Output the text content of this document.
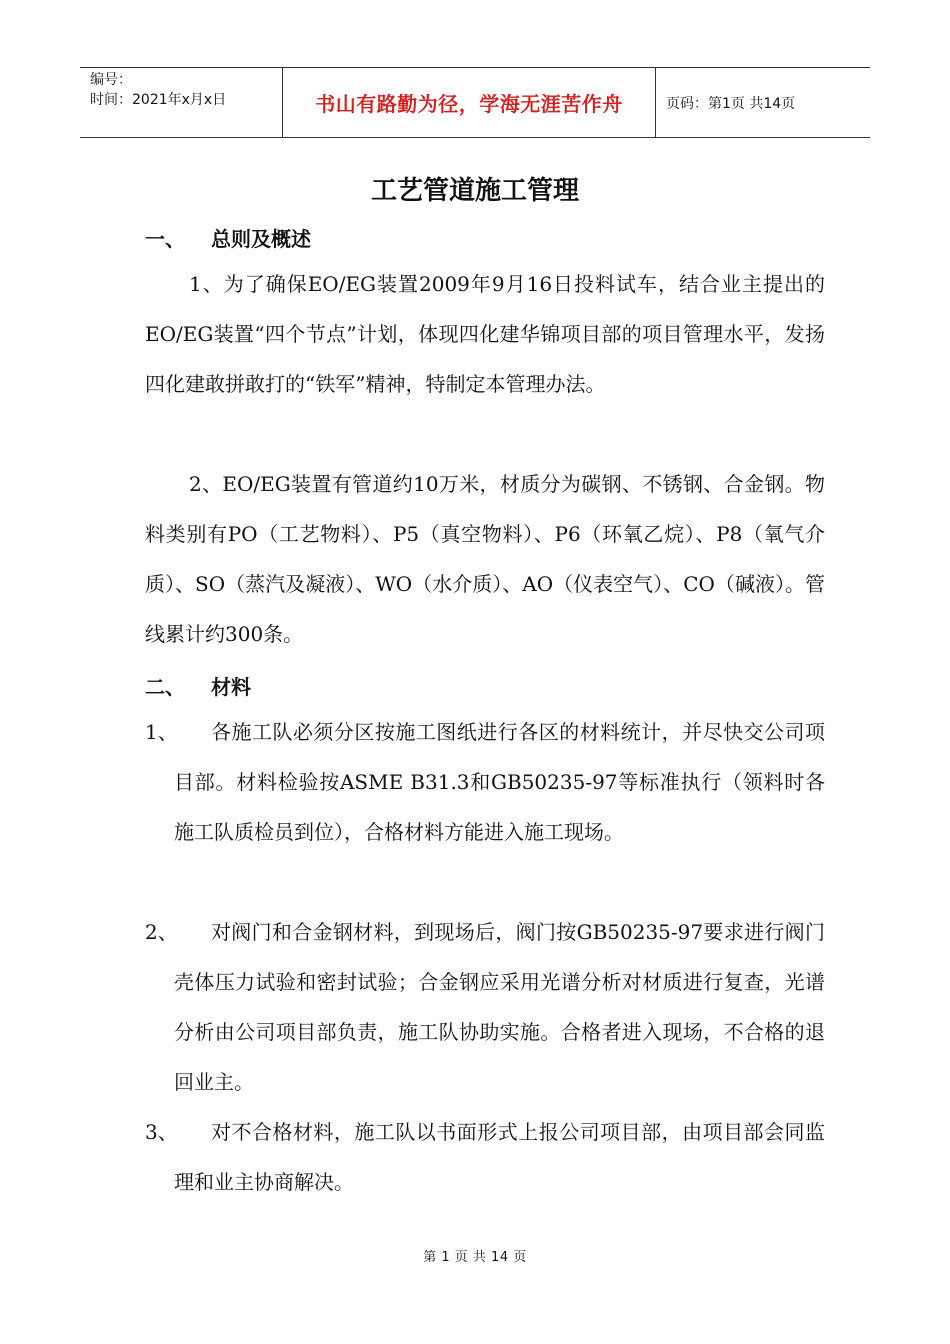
编号：
时间：2021年x月x日	书山有路勤为径，学海无涯苦作舟	页码：第1页 共14页
工艺管道施工管理
一、 总则及概述
1、为了确保EO/EG装置2009年9月16日投料试车，结合业主提出的EO/EG装置“四个节点”计划，体现四化建华锦项目部的项目管理水平，发扬四化建敢拼敢打的“铁军”精神，特制定本管理办法。
2、EO/EG装置有管道约10万米，材质分为碳钢、不锈钢、合金钢。物料类别有PO（工艺物料）、P5（真空物料）、P6（环氧乙烷）、P8（氧气介质）、SO（蒸汽及凝液）、WO（水介质）、AO（仪表空气）、CO（碱液）。管线累计约300条。
二、 材料
1、	各施工队必须分区按施工图纸进行各区的材料统计，并尽快交公司项目部。材料检验按ASME B31.3和GB50235-97等标准执行（领料时各施工队质检员到位），合格材料方能进入施工现场。
2、	对阀门和合金钢材料，到现场后，阀门按GB50235-97要求进行阀门壳体压力试验和密封试验；合金钢应采用光谱分析对材质进行复查，光谱分析由公司项目部负责，施工队协助实施。合格者进入现场，不合格的退回业主。
3、	对不合格材料，施工队以书面形式上报公司项目部，由项目部会同监理和业主协商解决。
第 1 页 共 14 页
